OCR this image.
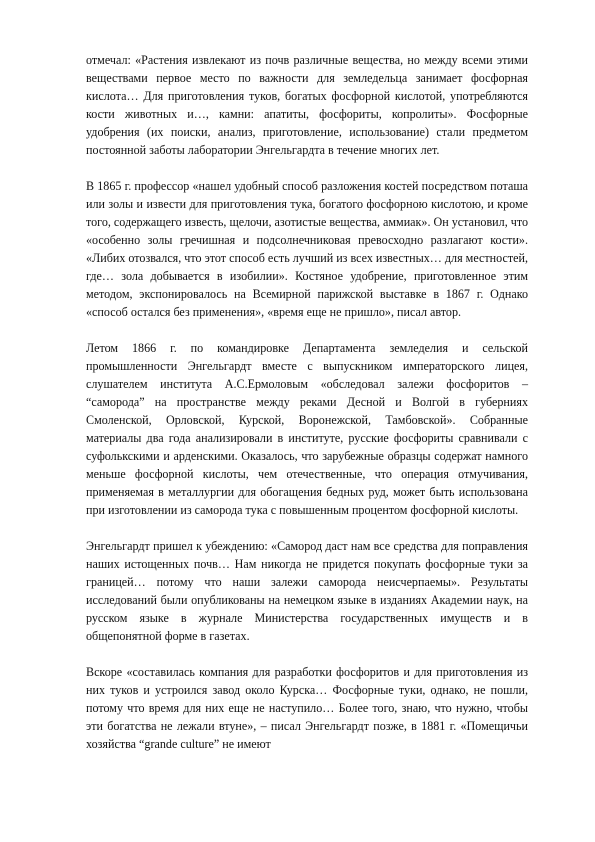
отмечал: «Растения извлекают из почв различные вещества, но между всеми этими веществами первое место по важности для земледельца занимает фосфорная кислота… Для приготовления туков, богатых фосфорной кислотой, употребляются кости животных и…, камни: апатиты, фосфориты, копролиты». Фосфорные удобрения (их поиски, анализ, приготовление, использование) стали предметом постоянной заботы лаборатории Энгельгардта в течение многих лет.

В 1865 г. профессор «нашел удобный способ разложения костей посредством поташа или золы и извести для приготовления тука, богатого фосфорною кислотою, и кроме того, содержащего известь, щелочи, азотистые вещества, аммиак». Он установил, что «особенно золы гречишная и подсолнечниковая превосходно разлагают кости». «Либих отозвался, что этот способ есть лучший из всех известных… для местностей, где… зола добывается в изобилии». Костяное удобрение, приготовленное этим методом, экспонировалось на Всемирной парижской выставке в 1867 г. Однако «способ остался без применения», «время еще не пришло», писал автор.

Летом 1866 г. по командировке Департамента земледелия и сельской промышленности Энгельгардт вместе с выпускником императорского лицея, слушателем института А.С.Ермоловым «обследовал залежи фосфоритов – “саморода” на пространстве между реками Десной и Волгой в губерниях Смоленской, Орловской, Курской, Воронежской, Тамбовской». Собранные материалы два года анализировали в институте, русские фосфориты сравнивали с суфолькскими и арденскими. Оказалось, что зарубежные образцы содержат намного меньше фосфорной кислоты, чем отечественные, что операция отмучивания, применяемая в металлургии для обогащения бедных руд, может быть использована при изготовлении из саморода тука с повышенным процентом фосфорной кислоты.

Энгельгардт пришел к убеждению: «Самород даст нам все средства для поправления наших истощенных почв… Нам никогда не придется покупать фосфорные туки за границей… потому что наши залежи саморода неисчерпаемы». Результаты исследований были опубликованы на немецком языке в изданиях Академии наук, на русском языке в журнале Министерства государственных имуществ и в общепонятной форме в газетах.

Вскоре «составилась компания для разработки фосфоритов и для приготовления из них туков и устроился завод около Курска… Фосфорные туки, однако, не пошли, потому что время для них еще не наступило… Более того, знаю, что нужно, чтобы эти богатства не лежали втуне», – писал Энгельгардт позже, в 1881 г. «Помещичьи хозяйства “grande culture” не имеют
